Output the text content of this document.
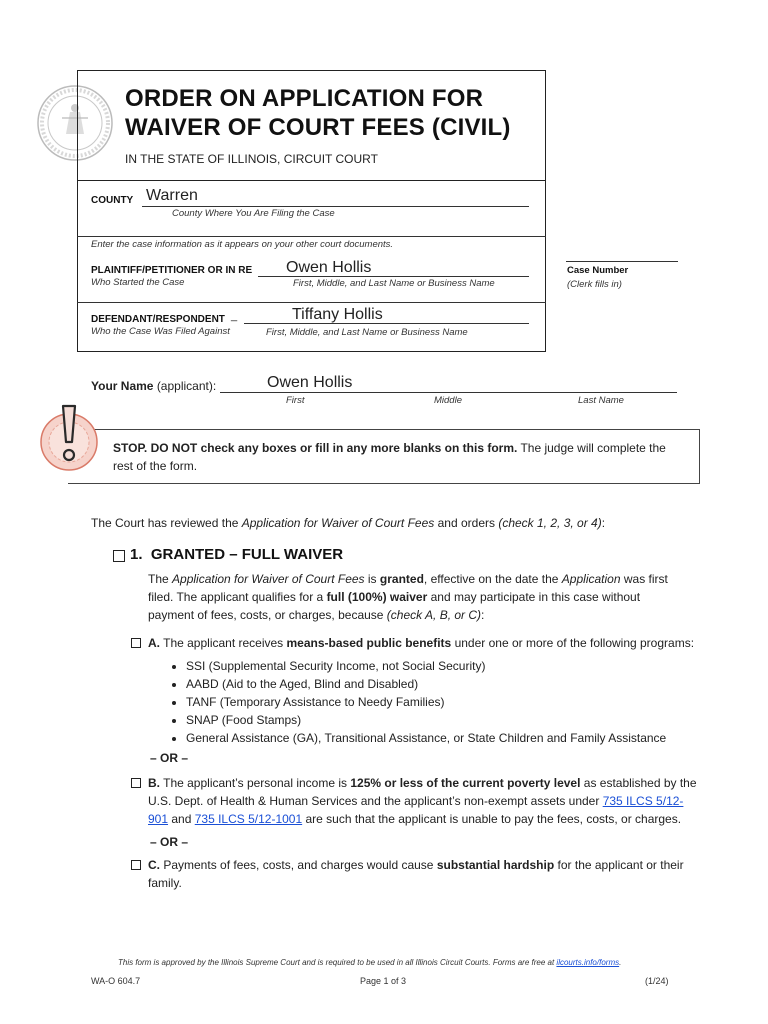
ORDER ON APPLICATION FOR
WAIVER OF COURT FEES (CIVIL)
IN THE STATE OF ILLINOIS, CIRCUIT COURT
COUNTY Warren
County Where You Are Filing the Case
Enter the case information as it appears on your other court documents.
PLAINTIFF/PETITIONER OR IN RE
Who Started the Case
Owen Hollis
First, Middle, and Last Name or Business Name
Case Number
(Clerk fills in)
DEFENDANT/RESPONDENT _
Who the Case Was Filed Against
Tiffany Hollis
First, Middle, and Last Name or Business Name
Your Name (applicant):	Owen Hollis
First	Middle	Last Name
STOP. DO NOT check any boxes or fill in any more blanks on this form. The judge will complete the rest of the form.
The Court has reviewed the Application for Waiver of Court Fees and orders (check 1, 2, 3, or 4):
1. GRANTED – FULL WAIVER
The Application for Waiver of Court Fees is granted, effective on the date the Application was first filed. The applicant qualifies for a full (100%) waiver and may participate in this case without payment of fees, costs, or charges, because (check A, B, or C):
A. The applicant receives means-based public benefits under one or more of the following programs:
• SSI (Supplemental Security Income, not Social Security)
• AABD (Aid to the Aged, Blind and Disabled)
• TANF (Temporary Assistance to Needy Families)
• SNAP (Food Stamps)
• General Assistance (GA), Transitional Assistance, or State Children and Family Assistance
– OR –
B. The applicant’s personal income is 125% or less of the current poverty level as established by the U.S. Dept. of Health & Human Services and the applicant’s non-exempt assets under 735 ILCS 5/12-901 and 735 ILCS 5/12-1001 are such that the applicant is unable to pay the fees, costs, or charges.
– OR –
C. Payments of fees, costs, and charges would cause substantial hardship for the applicant or their family.
This form is approved by the Illinois Supreme Court and is required to be used in all Illinois Circuit Courts. Forms are free at ilcourts.info/forms.
WA-O 604.7	Page 1 of 3	(1/24)
